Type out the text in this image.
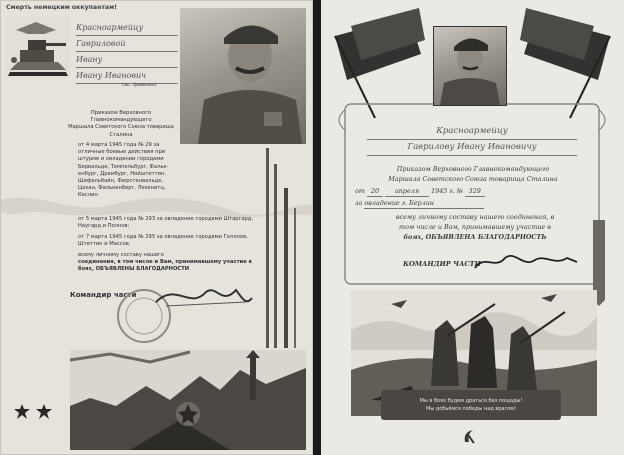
Смерть немецким оккупантам!
Красноармейцу
Гавриловой
Ивану
Ивану Иванович
(зв.. фамилия)
Приказом Верховного Главнокомандующего
Маршала Советского Союза товарища
Сталина
от 4 марта 1945 года № 29 за
отличные боевые действия при
штурме и овладении городами
Бервальде, Темпельбург, Фальк-
енбург, Драмбург, Нойштеттин,
Шифельбайн, Фюрстенвальде,
Цахан, Фалькенберг, Лезенитц,
Кеслин
от 5 марта 1945 года № 293 за овладение городами Штаргард, Наугард и Полнов;
от 7 марта 1945 года № 295 за овладение городами Голлнов, Штеттин и Массов,
всему личному составу нашего
соединения, в том числе и Вам, принимавшему участие в боях, ОБЪЯВЛЕНЫ БЛАГОДАРНОСТИ
Командир части
Красноармейцу
Гаврилову Ивану Ивановичу
Приказом Верховного Главнокомандующего
Маршала Советского Союза товарища Сталина
от 20 апреля 1945 г. № 329
за овладение г. Берлин
всему личному составу нашего соединения, в
том числе и Вам, принимавшему участие в
боях, ОБЪЯВЛЕНА БЛАГОДАРНОСТЬ
КОМАНДИР ЧАСТИ
Мы в боях будем драться без пощады!
Мы добьёмся победы над врагом!
